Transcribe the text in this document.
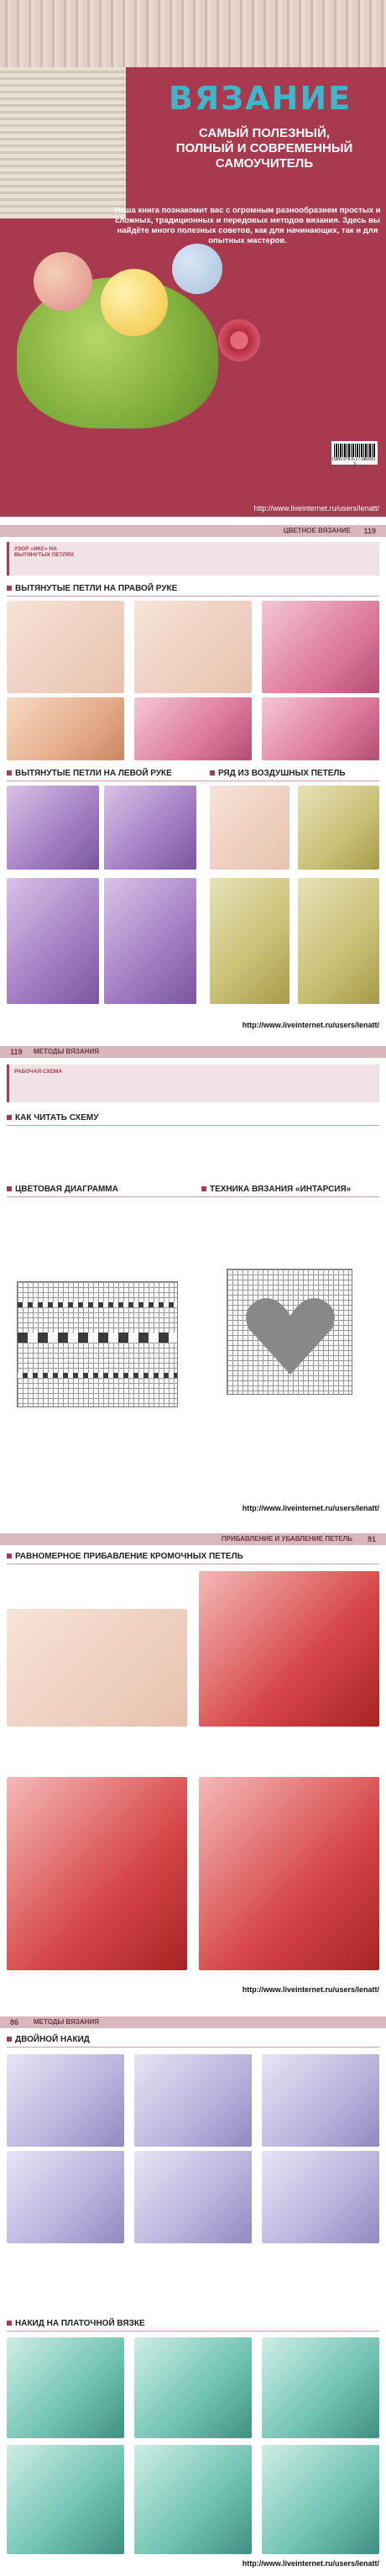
ВЯЗАНИЕ
САМЫЙ ПОЛЕЗНЫЙ,
ПОЛНЫЙ И СОВРЕМЕННЫЙ
САМОУЧИТЕЛЬ
Наша книга познакомит вас с огромным разнообразием простых и сложных, традиционных и передовых методов вязания. Здесь вы найдёте много полезных советов, как для начинающих, так и для опытных мастеров.
ISBN 978-5-17-080991-3
http://www.liveinternet.ru/users/lenatt/
ЦВЕТНОЕ ВЯЗАНИЕ 119
УЗОР «ИКС» НА ВЫТЯНУТЫХ ПЕТЛЯХ
ВЫТЯНУТЫЕ ПЕТЛИ НА ПРАВОЙ РУКЕ
ВЫТЯНУТЫЕ ПЕТЛИ НА ЛЕВОЙ РУКЕ	РЯД ИЗ ВОЗДУШНЫХ ПЕТЕЛЬ
http://www.liveinternet.ru/users/lenatt/
119 МЕТОДЫ ВЯЗАНИЯ
РАБОЧАЯ СХЕМА
КАК ЧИТАТЬ СХЕМУ
ЦВЕТОВАЯ ДИАГРАММА	ТЕХНИКА ВЯЗАНИЯ «ИНТАРСИЯ»
http://www.liveinternet.ru/users/lenatt/
ПРИБАВЛЕНИЕ И УБАВЛЕНИЕ ПЕТЕЛЬ 91
РАВНОМЕРНОЕ ПРИБАВЛЕНИЕ КРОМОЧНЫХ ПЕТЕЛЬ
http://www.liveinternet.ru/users/lenatt/
86 МЕТОДЫ ВЯЗАНИЯ
ДВОЙНОЙ НАКИД
НАКИД НА ПЛАТОЧНОЙ ВЯЗКЕ
http://www.liveinternet.ru/users/lenatt/
